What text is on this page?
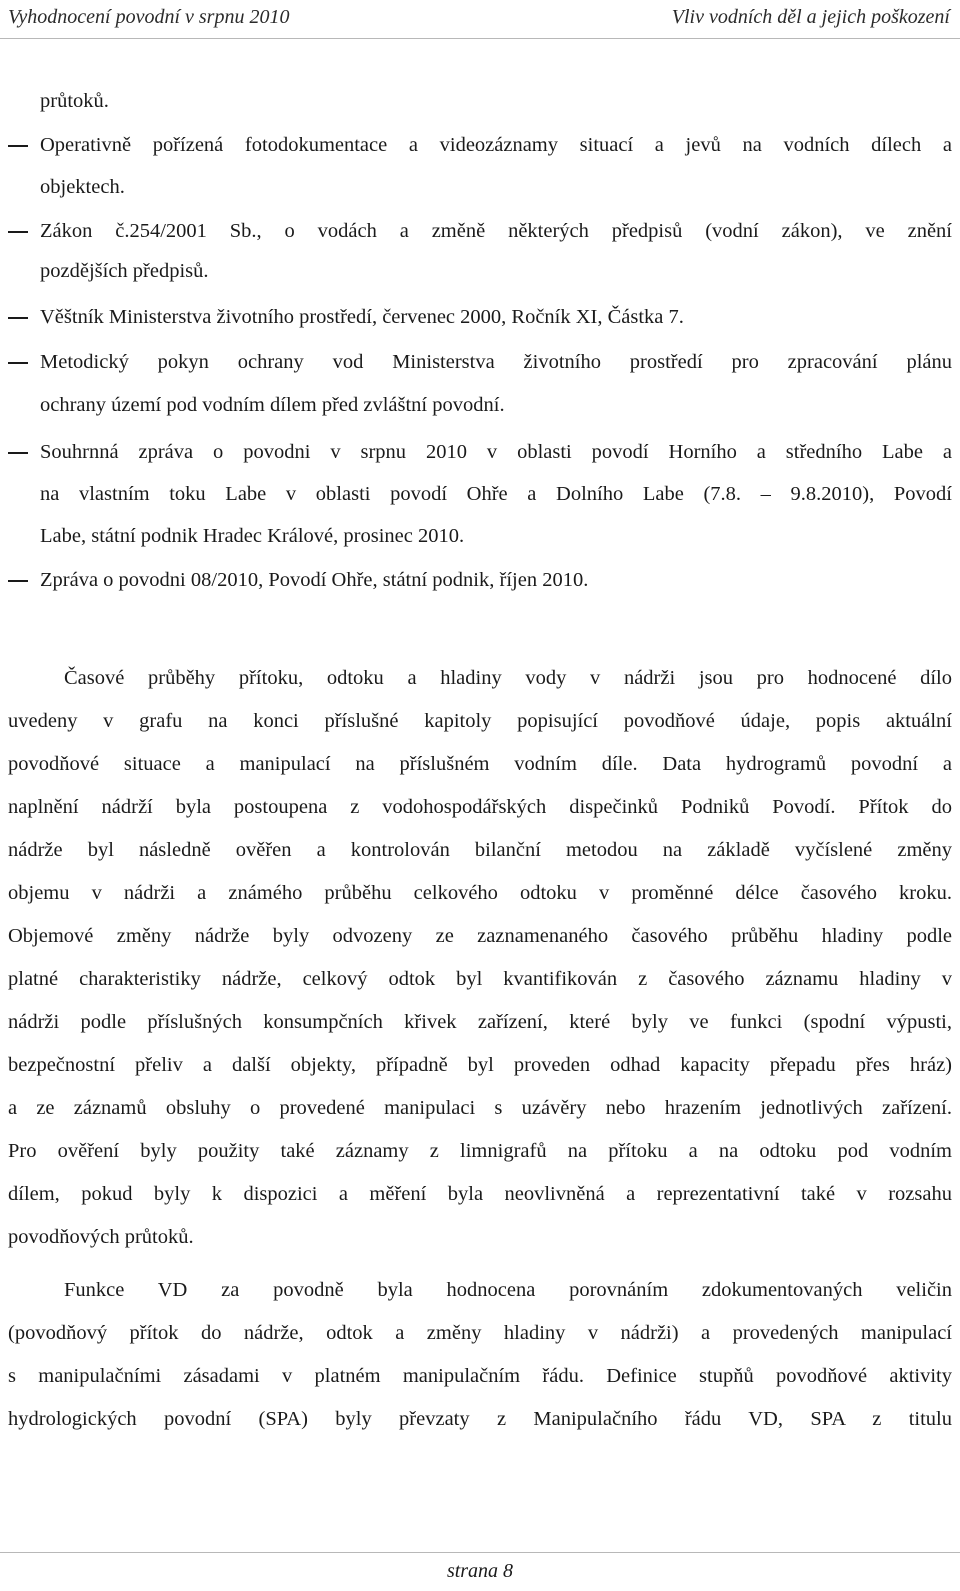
Vyhodnocení povodní v srpnu 2010	Vliv vodních děl a jejich poškození
průtoků.
Operativně pořízená fotodokumentace a videozáznamy situací a jevů na vodních dílech a
objektech.
Zákon č.254/2001 Sb., o vodách a změně některých předpisů (vodní zákon), ve znění
pozdějších předpisů.
Věštník Ministerstva životního prostředí, červenec 2000, Ročník XI, Částka 7.
Metodický pokyn ochrany vod Ministerstva životního prostředí pro zpracování plánu
ochrany území pod vodním dílem před zvláštní povodní.
Souhrnná zpráva o povodni v srpnu 2010 v oblasti povodí Horního a středního Labe a
na vlastním toku Labe v oblasti povodí Ohře a Dolního Labe (7.8. – 9.8.2010), Povodí
Labe, státní podnik Hradec Králové, prosinec 2010.
Zpráva o povodni 08/2010, Povodí Ohře, státní podnik, říjen 2010.
Časové průběhy přítoku, odtoku a hladiny vody v nádrži jsou pro hodnocené dílo
uvedeny v grafu na konci příslušné kapitoly popisující povodňové údaje, popis aktuální
povodňové situace a manipulací na příslušném vodním díle. Data hydrogramů povodní a
naplnění nádrží byla postoupena z vodohospodářských dispečinků Podniků Povodí. Přítok do
nádrže byl následně ověřen a kontrolován bilanční metodou na základě vyčíslené změny
objemu v nádrži a známého průběhu celkového odtoku v proměnné délce časového kroku.
Objemové změny nádrže byly odvozeny ze zaznamenaného časového průběhu hladiny podle
platné charakteristiky nádrže, celkový odtok byl kvantifikován z časového záznamu hladiny v
nádrži podle příslušných konsumpčních křivek zařízení, které byly ve funkci (spodní výpusti,
bezpečnostní přeliv a další objekty, případně byl proveden odhad kapacity přepadu přes hráz)
a ze záznamů obsluhy o provedené manipulaci s uzávěry nebo hrazením jednotlivých zařízení.
Pro ověření byly použity také záznamy z limnigrafů na přítoku a na odtoku pod vodním
dílem, pokud byly k dispozici a měření byla neovlivněná a reprezentativní také v rozsahu
povodňových průtoků.
Funkce VD za povodně byla hodnocena porovnáním zdokumentovaných veličin
(povodňový přítok do nádrže, odtok a změny hladiny v nádrži) a provedených manipulací
s manipulačními zásadami v platném manipulačním řádu. Definice stupňů povodňové aktivity
hydrologických povodní (SPA) byly převzaty z Manipulačního řádu VD, SPA z titulu
strana 8
